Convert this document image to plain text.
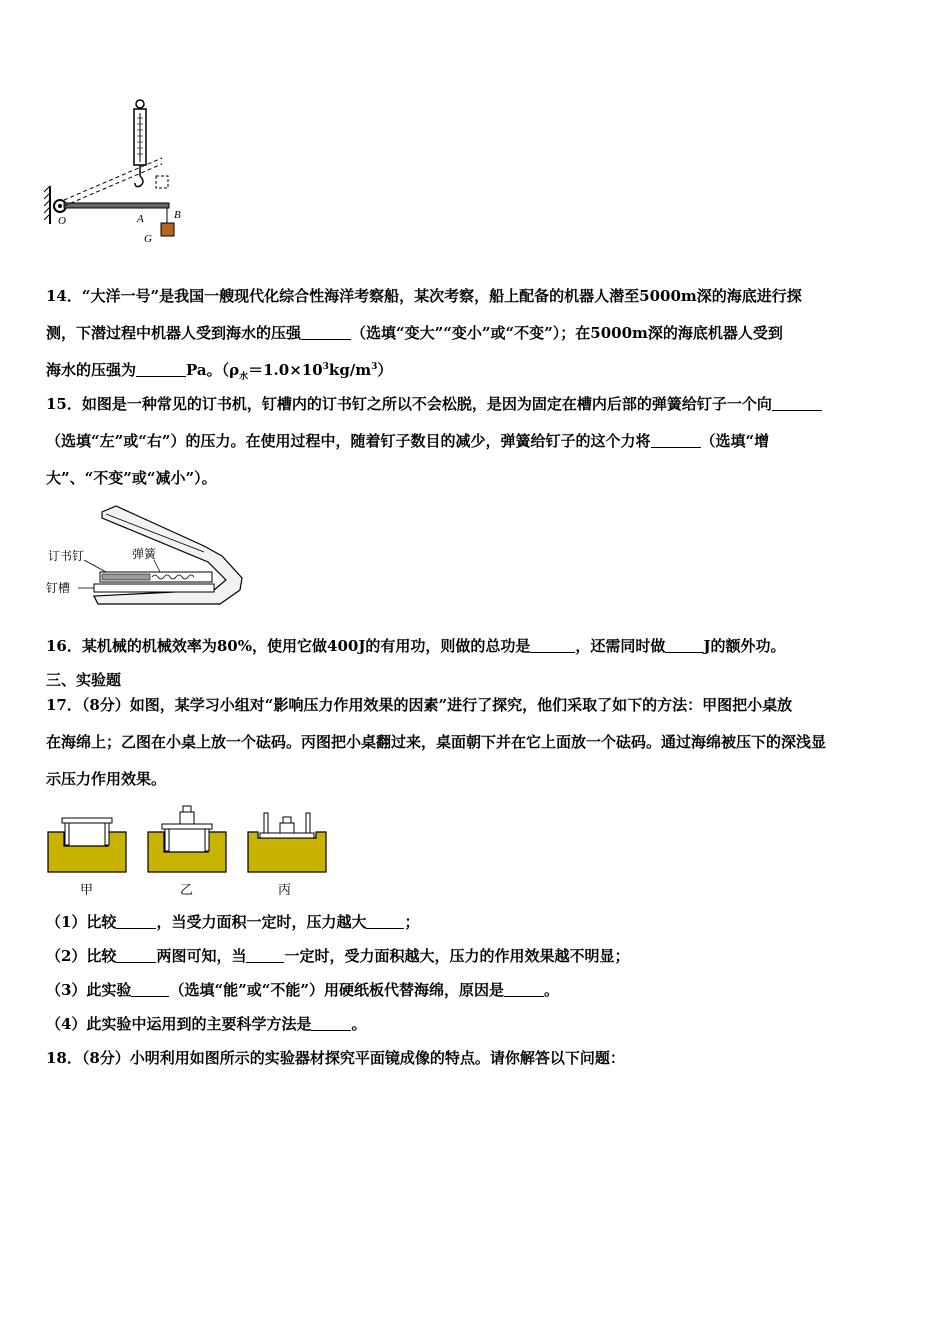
O	A	B
G
14．“大洋一号”是我国一艘现代化综合性海洋考察船，某次考察，船上配备的机器人潜至5000m深的海底进行探
测，下潜过程中机器人受到海水的压强	（选填“变大”“变小”或“不变”）；在5000m深的海底机器人受到
海水的压强为	Pa。$(\rho_水=1.0\times 10^3kg/m^3)$
15．如图是一种常见的订书机，钉槽内的订书钉之所以不会松脱，是因为固定在槽内后部的弹簧给钉子一个向
（选填“左”或“右”）的压力。在使用过程中，随着钉子数目的减少，弹簧给钉子的这个力将	（选填“增
大”、“不变”或“减小”）。
订书钉	弹簧
钉槽
16．某机械的机械效率为80%，使用它做400J的有用功，则做的总功是	，还需同时做	J的额外功。
三、实验题
17．（8分）如图，某学习小组对“影响压力作用效果的因素”进行了探究，他们采取了如下的方法：甲图把小桌放
在海绵上；乙图在小桌上放一个砝码。丙图把小桌翻过来，桌面朝下并在它上面放一个砝码。通过海绵被压下的深浅显
示压力作用效果。
甲	乙	丙
（1）比较	，当受力面积一定时，压力越大	；
（2）比较	两图可知，当	一定时，受力面积越大，压力的作用效果越不明显；
（3）此实验	（选填“能”或“不能”）用硬纸板代替海绵，原因是	。
（4）此实验中运用到的主要科学方法是	。
18．（8分）小明利用如图所示的实验器材探究平面镜成像的特点。请你解答以下问题：
